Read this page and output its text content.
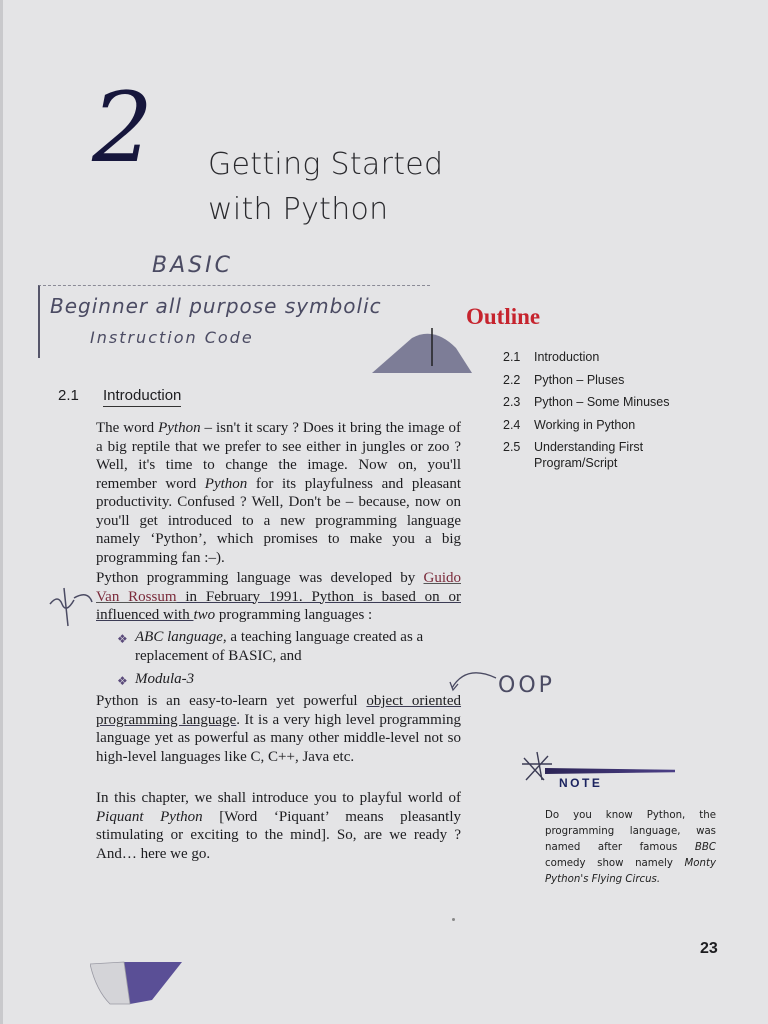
2 Getting Started
with Python
BASIC
Beginner all purpose symbolic
Instruction Code
Outline
2.1	Introduction
2.2	Python – Pluses
2.3	Python – Some Minuses
2.4	Working in Python
2.5	Understanding First Program/Script
2.1 Introduction

The word Python – isn't it scary ? Does it bring the image of a big reptile that we prefer to see either in jungles or zoo ? Well, it's time to change the image. Now on, you'll remember word Python for its playfulness and pleasant productivity. Confused ? Well, Don't be – because, now on you'll get introduced to a new programming language namely ‘Python’, which promises to make you a big programming fan :–).

Python programming language was developed by Guido Van Rossum in February 1991. Python is based on or influenced with two programming languages :

❖ ABC language, a teaching language created as a replacement of BASIC, and
❖ Modula-3	OOP

Python is an easy-to-learn yet powerful object oriented programming language. It is a very high level programming language yet as powerful as many other middle-level not so high-level languages like C, C++, Java etc.

In this chapter, we shall introduce you to playful world of Piquant Python [Word ‘Piquant’ means pleasantly stimulating or exciting to the mind]. So, are we ready ? And… here we go.

NOTE
Do you know Python, the programming language, was named after famous BBC comedy show namely Monty Python's Flying Circus.
23
